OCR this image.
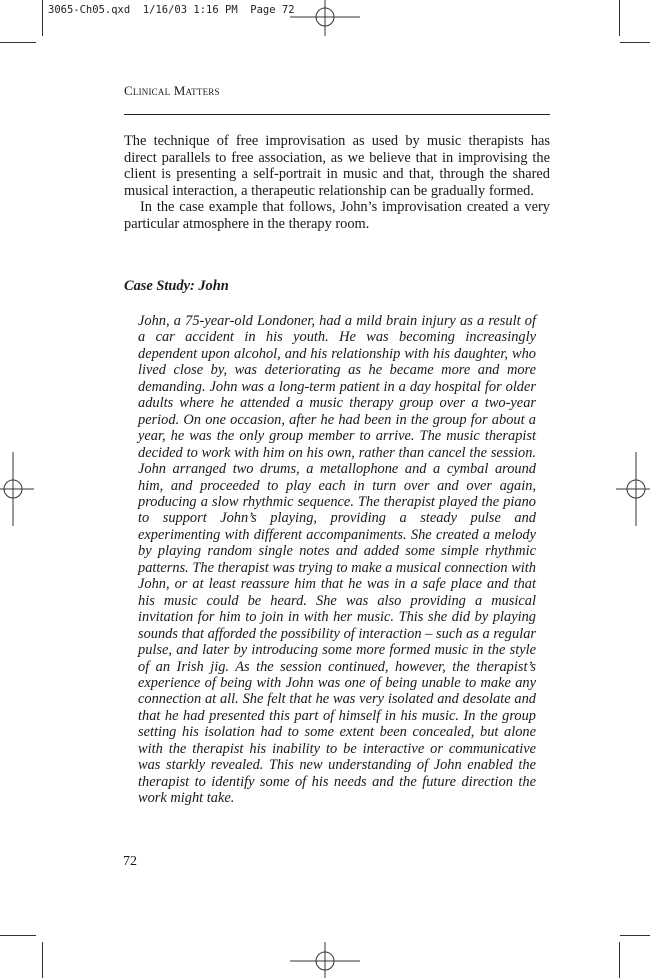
3065-Ch05.qxd  1/16/03 1:16 PM  Page 72
Clinical Matters

The technique of free improvisation as used by music therapists has direct parallels to free association, as we believe that in improvising the client is presenting a self-portrait in music and that, through the shared musical interaction, a therapeutic relationship can be gradually formed.

In the case example that follows, John’s improvisation created a very particular atmosphere in the therapy room.

Case Study: John

John, a 75-year-old Londoner, had a mild brain injury as a result of a car accident in his youth. He was becoming increasingly dependent upon alcohol, and his relationship with his daughter, who lived close by, was deteriorating as he became more and more demanding. John was a long-term patient in a day hospital for older adults where he attended a music therapy group over a two-year period. On one occasion, after he had been in the group for about a year, he was the only group member to arrive. The music therapist decided to work with him on his own, rather than cancel the session. John arranged two drums, a metallophone and a cymbal around him, and proceeded to play each in turn over and over again, producing a slow rhythmic sequence. The therapist played the piano to support John’s playing, providing a steady pulse and experimenting with different accompaniments. She created a melody by playing random single notes and added some simple rhythmic patterns. The therapist was trying to make a musical connection with John, or at least reassure him that he was in a safe place and that his music could be heard. She was also providing a musical invitation for him to join in with her music. This she did by playing sounds that afforded the possibility of interaction – such as a regular pulse, and later by introducing some more formed music in the style of an Irish jig. As the session continued, however, the therapist’s experience of being with John was one of being unable to make any connection at all. She felt that he was very isolated and desolate and that he had presented this part of himself in his music. In the group setting his isolation had to some extent been concealed, but alone with the therapist his inability to be interactive or communicative was starkly revealed. This new understanding of John enabled the therapist to identify some of his needs and the future direction the work might take.

72
